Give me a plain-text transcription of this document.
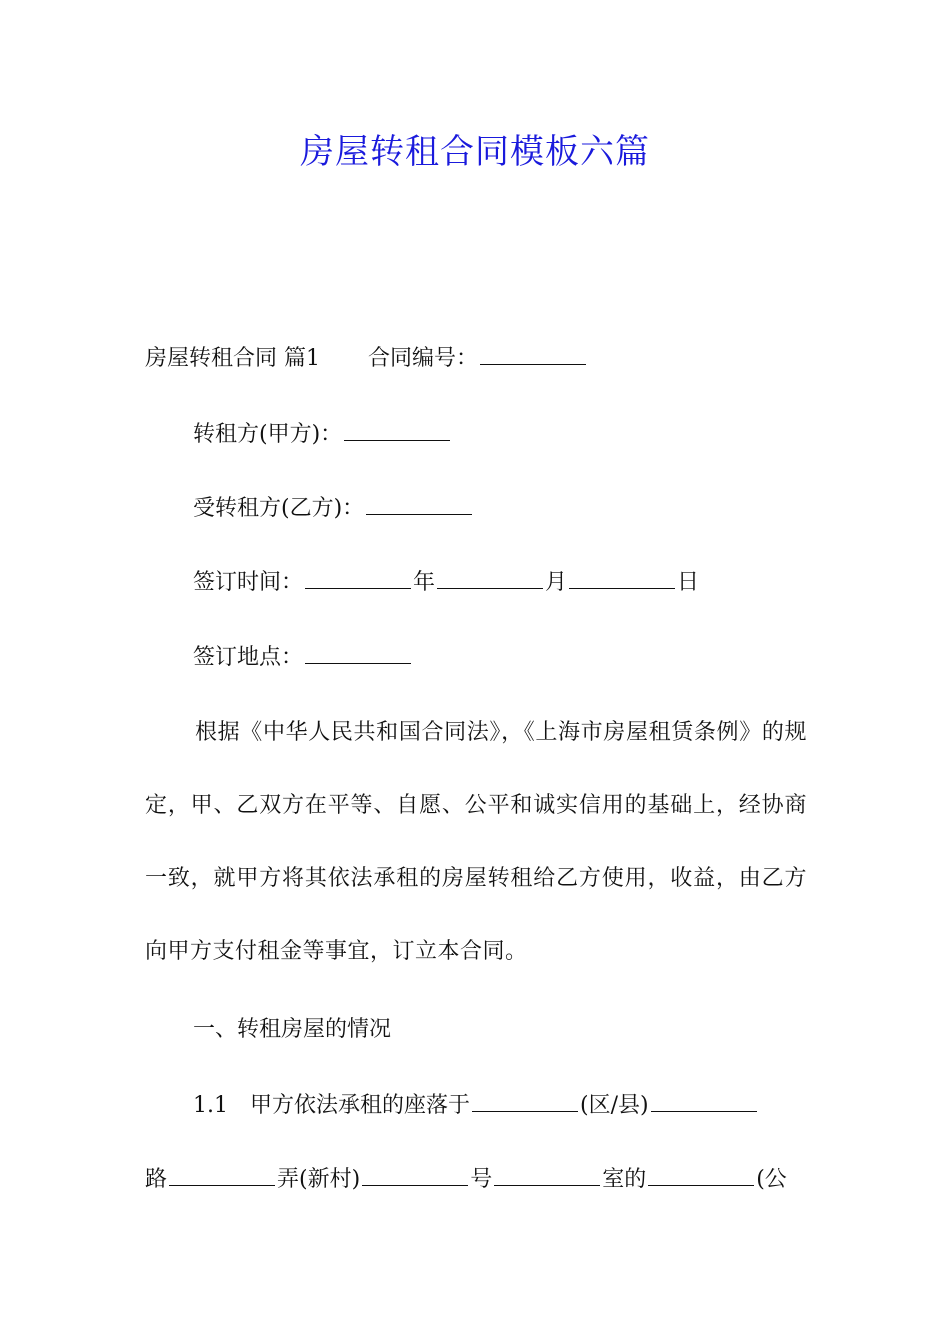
房屋转租合同模板六篇
房屋转租合同 篇1 合同编号：
转租方(甲方)：
受转租方(乙方)：
签订时间：	年	月	日
签订地点：
根据《中华人民共和国合同法》，《上海市房屋租赁条例》的规定，甲、乙双方在平等、自愿、公平和诚实信用的基础上，经协商一致，就甲方将其依法承租的房屋转租给乙方使用，收益，由乙方向甲方支付租金等事宜，订立本合同。
一、转租房屋的情况
1.1 甲方依法承租的座落于	(区/县)
路	弄(新村)	号	室的	(公
